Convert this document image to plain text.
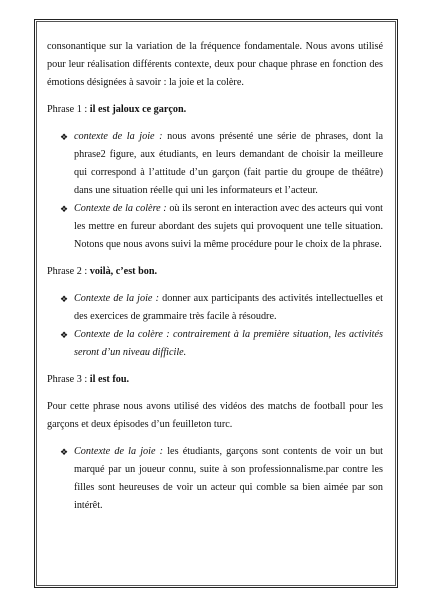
consonantique sur la variation de la fréquence fondamentale. Nous avons utilisé pour leur réalisation différents contexte, deux pour chaque phrase en fonction des émotions désignées à savoir : la joie et la colère.

Phrase 1 : il est jaloux ce garçon.

❖ contexte de la joie : nous avons présenté une série de phrases, dont la phrase2 figure, aux étudiants, en leurs demandant de choisir la meilleure qui correspond à l’attitude d’un garçon (fait partie du groupe de théâtre) dans une situation réelle qui uni les informateurs et l’acteur.
❖ Contexte de la colère : où ils seront en interaction avec des acteurs qui vont les mettre en fureur abordant des sujets qui provoquent une telle situation. Notons que nous avons suivi la même procédure pour le choix de la phrase.

Phrase 2 : voilà, c’est bon.

❖ Contexte de la joie : donner aux participants des activités intellectuelles et des exercices de grammaire très facile à résoudre.
❖ Contexte de la colère : contrairement à la première situation, les activités seront d’un niveau difficile.

Phrase 3 : il est fou.

Pour cette phrase nous avons utilisé des vidéos des matchs de football pour les garçons et deux épisodes d’un feuilleton turc.

❖ Contexte de la joie : les étudiants, garçons sont contents de voir un but marqué par un joueur connu, suite à son professionnalisme.par contre les filles sont heureuses de voir un acteur qui comble sa bien aimée par son intérêt.
